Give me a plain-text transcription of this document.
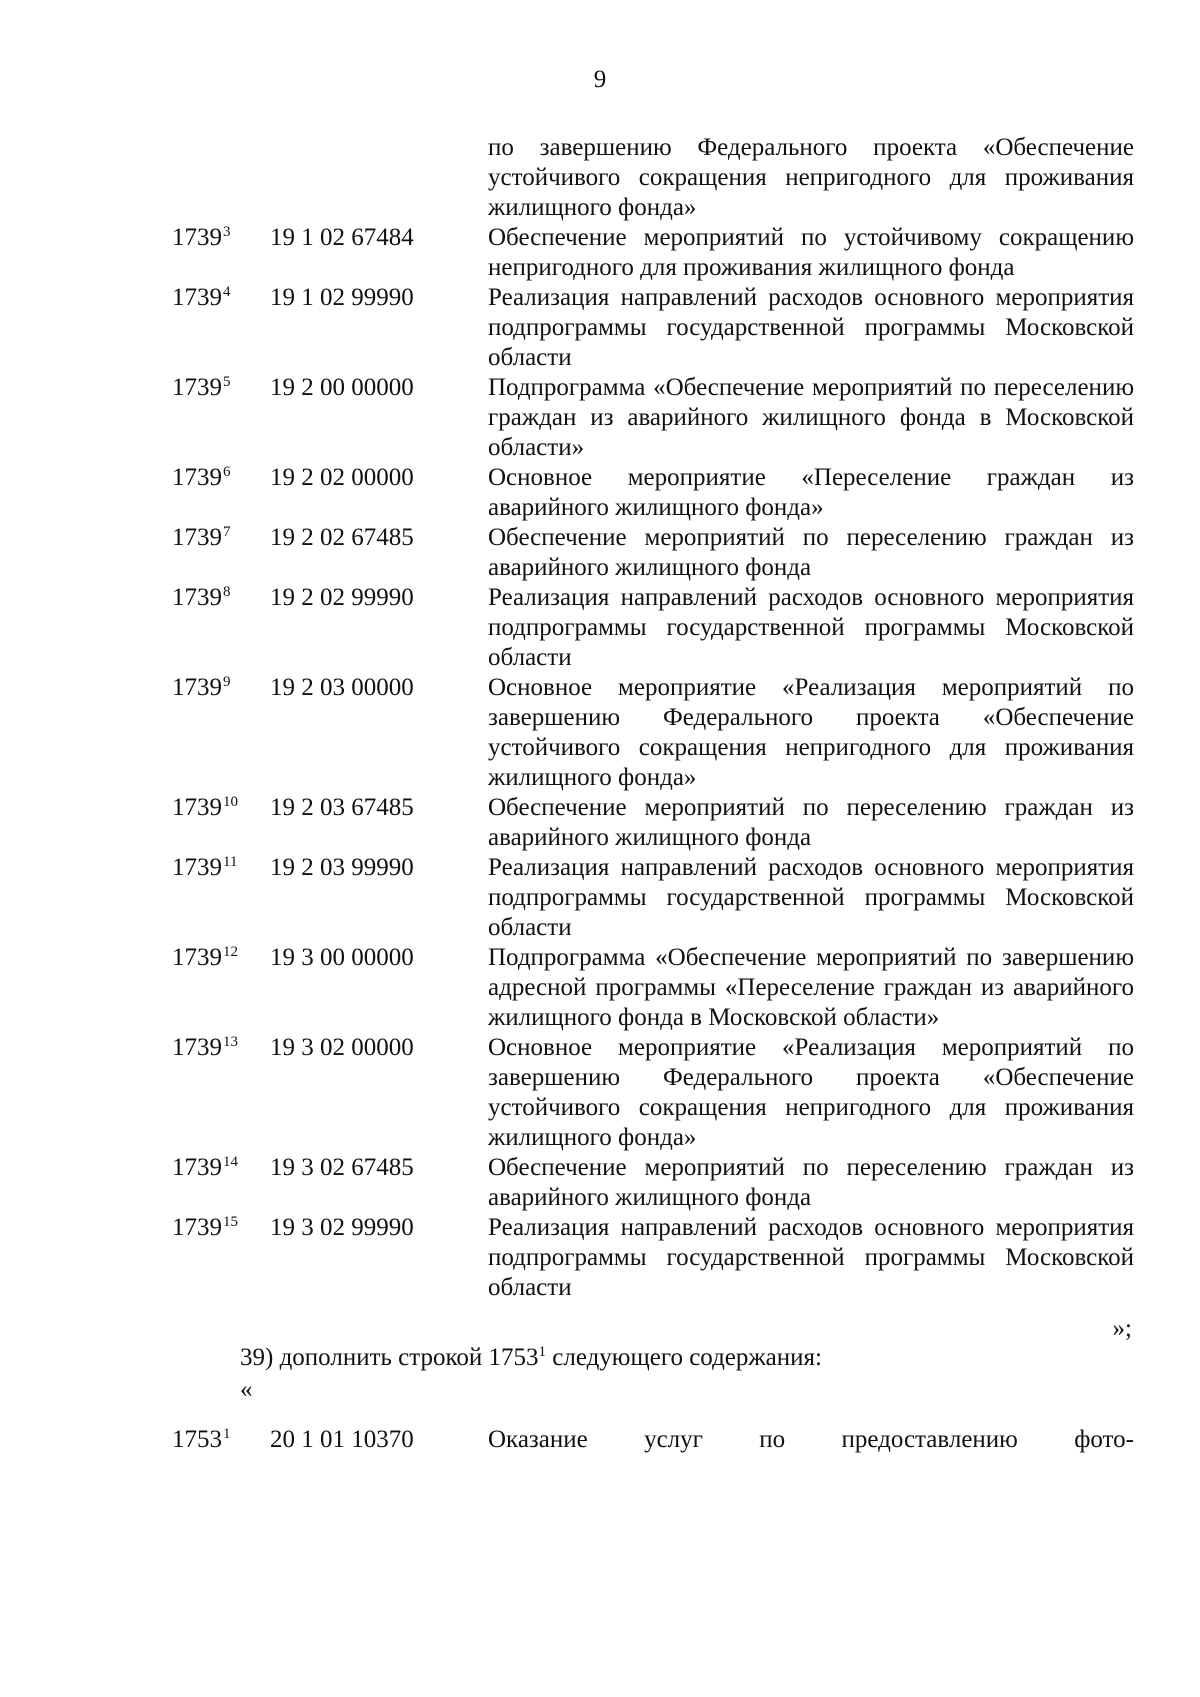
9
по завершению Федерального проекта «Обеспечение устойчивого сокращения непригодного для проживания жилищного фонда»
1739$^3$	19 1 02 67484	Обеспечение мероприятий по устойчивому сокращению непригодного для проживания жилищного фонда
1739$^4$	19 1 02 99990	Реализация направлений расходов основного мероприятия подпрограммы государственной программы Московской области
1739$^5$	19 2 00 00000	Подпрограмма «Обеспечение мероприятий по переселению граждан из аварийного жилищного фонда в Московской области»
1739$^6$	19 2 02 00000	Основное мероприятие «Переселение граждан из аварийного жилищного фонда»
1739$^7$	19 2 02 67485	Обеспечение мероприятий по переселению граждан из аварийного жилищного фонда
1739$^8$	19 2 02 99990	Реализация направлений расходов основного мероприятия подпрограммы государственной программы Московской области
1739$^9$	19 2 03 00000	Основное мероприятие «Реализация мероприятий по завершению Федерального проекта «Обеспечение устойчивого сокращения непригодного для проживания жилищного фонда»
1739$^{10}$	19 2 03 67485	Обеспечение мероприятий по переселению граждан из аварийного жилищного фонда
1739$^{11}$	19 2 03 99990	Реализация направлений расходов основного мероприятия подпрограммы государственной программы Московской области
1739$^{12}$	19 3 00 00000	Подпрограмма «Обеспечение мероприятий по завершению адресной программы «Переселение граждан из аварийного жилищного фонда в Московской области»
1739$^{13}$	19 3 02 00000	Основное мероприятие «Реализация мероприятий по завершению Федерального проекта «Обеспечение устойчивого сокращения непригодного для проживания жилищного фонда»
1739$^{14}$	19 3 02 67485	Обеспечение мероприятий по переселению граждан из аварийного жилищного фонда
1739$^{15}$	19 3 02 99990	Реализация направлений расходов основного мероприятия подпрограммы государственной программы Московской области
»;
39) дополнить строкой 1753$^1$ следующего содержания:
«
1753$^1$	20 1 01 10370	Оказание услуг по предоставлению фото-
